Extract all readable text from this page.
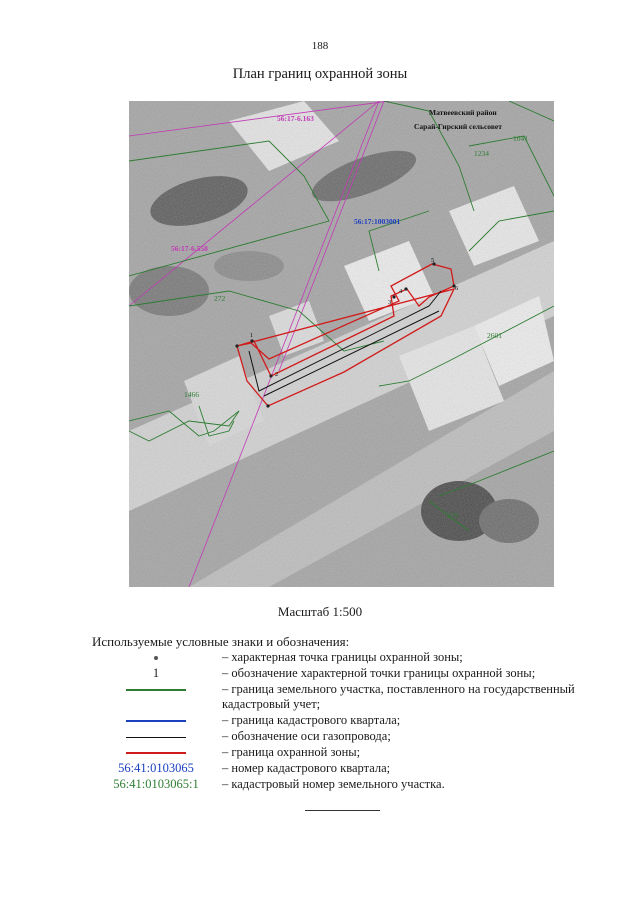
188
План границ охранной зоны
Матвеевский район
Сарай-Гирский сельсовет
56:17-6.163
56:17:1003001
56:17-6.558
1234
1041
272
1466
2601
279
1
2
3
4
5
6
Масштаб 1:500
Используемые условные знаки и обозначения:
– характерная точка границы охранной зоны;
1	– обозначение характерной точки границы охранной зоны;
– граница земельного участка, поставленного на государственный кадастровый учет;
– граница кадастрового квартала;
– обозначение оси газопровода;
– граница охранной зоны;
56:41:0103065	– номер кадастрового квартала;
56:41:0103065:1	– кадастровый номер земельного участка.
